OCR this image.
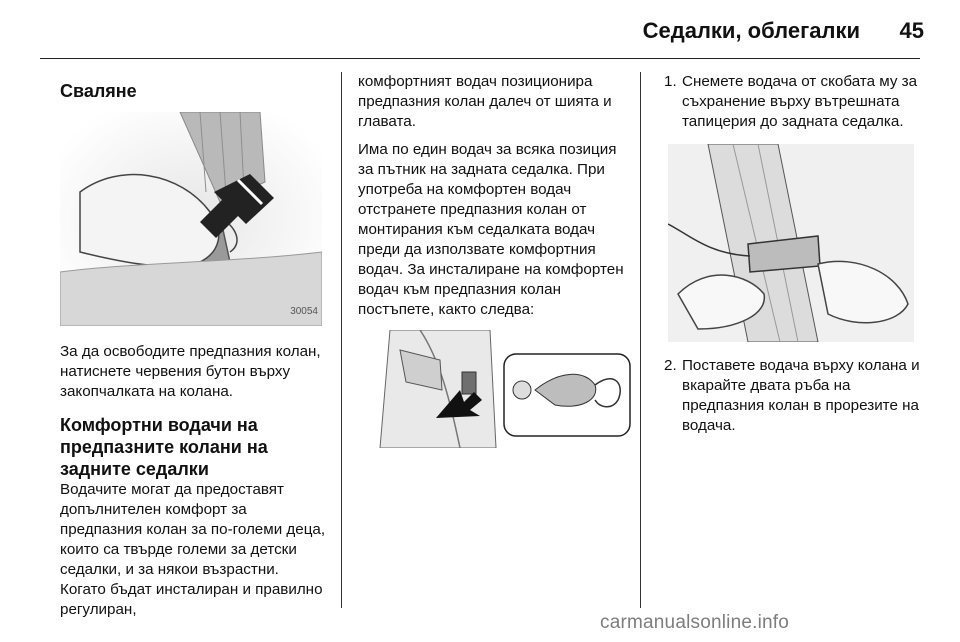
Седалки, облегалки	45
Сваляне
30054

За да освободите предпазния колан, натиснете червения бутон върху закопчалката на колана.

Комфортни водачи на предпазните колани на задните седалки

Водачите могат да предоставят допълнителен комфорт за предпазния колан за по-големи деца, които са твърде големи за детски седалки, и за някои възрастни. Когато бъдат инсталиран и правилно регулиран,

комфортният водач позиционира предпазния колан далеч от шията и главата.

Има по един водач за всяка позиция за пътник на задната седалка. При употреба на комфортен водач отстранете предпазния колан от монтирания към седалката водач преди да използвате комфортния водач. За инсталиране на комфортен водач към предпазния колан постъпете, както следва:

1. Снемете водача от скобата му за съхранение върху вътрешната тапицерия до задната седалка.
2. Поставете водача върху колана и вкарайте двата ръба на предпазния колан в прорезите на водача.
carmanualsonline.info
